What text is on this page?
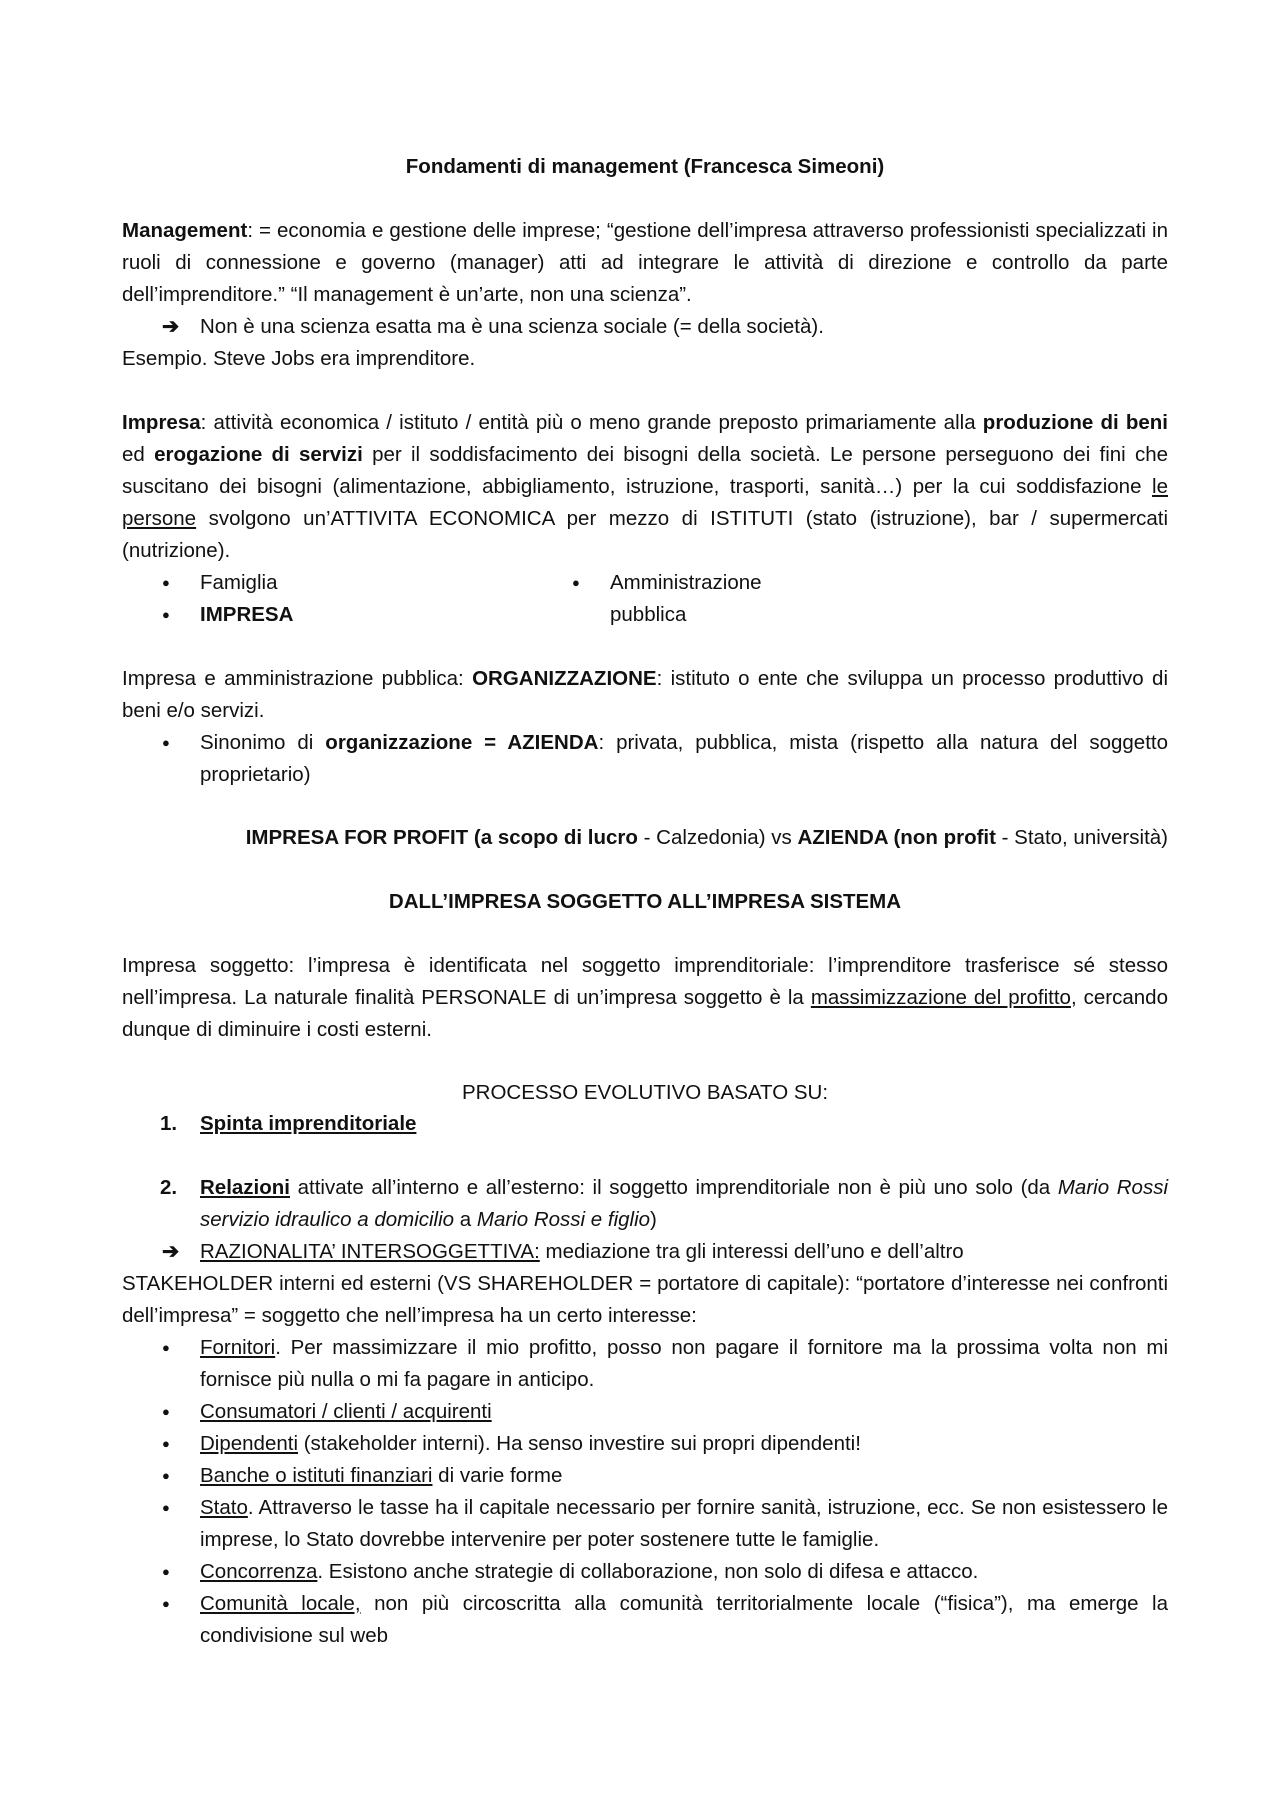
Fondamenti di management (Francesca Simeoni)

Management: = economia e gestione delle imprese; “gestione dell’impresa attraverso professionisti specializzati in ruoli di connessione e governo (manager) atti ad integrare le attività di direzione e controllo da parte dell’imprenditore.” “Il management è un’arte, non una scienza”.

➔ Non è una scienza esatta ma è una scienza sociale (= della società).

Esempio. Steve Jobs era imprenditore.

Impresa: attività economica / istituto / entità più o meno grande preposto primariamente alla produzione di beni ed erogazione di servizi per il soddisfacimento dei bisogni della società. Le persone perseguono dei fini che suscitano dei bisogni (alimentazione, abbigliamento, istruzione, trasporti, sanità…) per la cui soddisfazione le persone svolgono un’ATTIVITA ECONOMICA per mezzo di ISTITUTI (stato (istruzione), bar / supermercati (nutrizione).

● Famiglia
● IMPRESA
● Amministrazione pubblica

Impresa e amministrazione pubblica: ORGANIZZAZIONE: istituto o ente che sviluppa un processo produttivo di beni e/o servizi.

● Sinonimo di organizzazione = AZIENDA: privata, pubblica, mista (rispetto alla natura del soggetto proprietario)

IMPRESA FOR PROFIT (a scopo di lucro - Calzedonia) vs AZIENDA (non profit - Stato, università)
DALL’IMPRESA SOGGETTO ALL’IMPRESA SISTEMA

Impresa soggetto: l’impresa è identificata nel soggetto imprenditoriale: l’imprenditore trasferisce sé stesso nell’impresa. La naturale finalità PERSONALE di un’impresa soggetto è la massimizzazione del profitto, cercando dunque di diminuire i costi esterni.

PROCESSO EVOLUTIVO BASATO SU:

1. Spinta imprenditoriale

2. Relazioni attivate all’interno e all’esterno: il soggetto imprenditoriale non è più uno solo (da Mario Rossi servizio idraulico a domicilio a Mario Rossi e figlio)

➔ RAZIONALITA’ INTERSOGGETTIVA: mediazione tra gli interessi dell’uno e dell’altro

STAKEHOLDER interni ed esterni (VS SHAREHOLDER = portatore di capitale): “portatore d’interesse nei confronti dell’impresa” = soggetto che nell’impresa ha un certo interesse:

● Fornitori. Per massimizzare il mio profitto, posso non pagare il fornitore ma la prossima volta non mi fornisce più nulla o mi fa pagare in anticipo.

● Consumatori / clienti / acquirenti

● Dipendenti (stakeholder interni). Ha senso investire sui propri dipendenti!

● Banche o istituti finanziari di varie forme

● Stato. Attraverso le tasse ha il capitale necessario per fornire sanità, istruzione, ecc. Se non esistessero le imprese, lo Stato dovrebbe intervenire per poter sostenere tutte le famiglie.

● Concorrenza. Esistono anche strategie di collaborazione, non solo di difesa e attacco.

● Comunità locale, non più circoscritta alla comunità territorialmente locale (“fisica”), ma emerge la condivisione sul web
